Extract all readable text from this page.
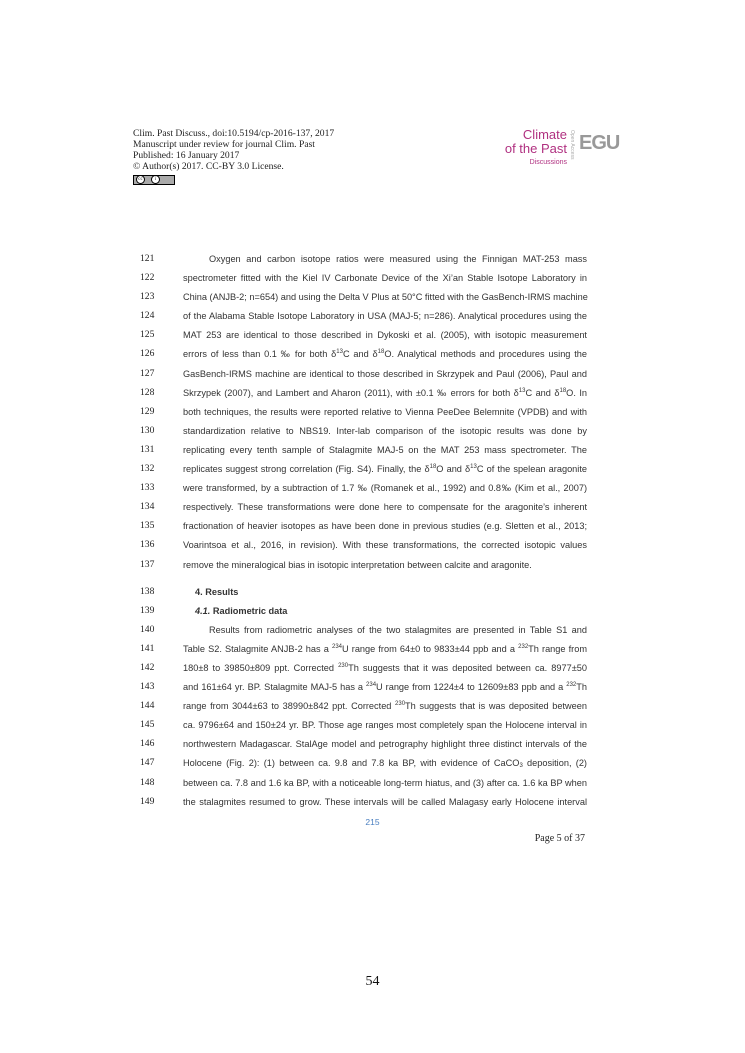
Clim. Past Discuss., doi:10.5194/cp-2016-137, 2017
Manuscript under review for journal Clim. Past
Published: 16 January 2017
© Author(s) 2017. CC-BY 3.0 License.
cc	i
Climate
of the Past
Discussions
Open Access EGU
121	Oxygen and carbon isotope ratios were measured using the Finnigan MAT-253 mass
122	spectrometer fitted with the Kiel IV Carbonate Device of the Xi’an Stable Isotope Laboratory in
123	China (ANJB-2; n=654) and using the Delta V Plus at 50°C fitted with the GasBench-IRMS machine
124	of the Alabama Stable Isotope Laboratory in USA (MAJ-5; n=286). Analytical procedures using the
125	MAT 253 are identical to those described in Dykoski et al. (2005), with isotopic measurement
126	errors of less than 0.1 ‰ for both $\delta^{13}C$ and $\delta^{18}O$. Analytical methods and procedures using the
127	GasBench-IRMS machine are identical to those described in Skrzypek and Paul (2006), Paul and
128	Skrzypek (2007), and Lambert and Aharon (2011), with ±0.1 ‰ errors for both $\delta^{13}C$ and $\delta^{18}O$. In
129	both techniques, the results were reported relative to Vienna PeeDee Belemnite (VPDB) and with
130	standardization relative to NBS19. Inter-lab comparison of the isotopic results was done by
131	replicating every tenth sample of Stalagmite MAJ-5 on the MAT 253 mass spectrometer. The
132	replicates suggest strong correlation (Fig. S4). Finally, the $\delta^{18}O$ and $\delta^{13}C$ of the spelean aragonite
133	were transformed, by a subtraction of 1.7 ‰ (Romanek et al., 1992) and 0.8‰ (Kim et al., 2007)
134	respectively. These transformations were done here to compensate for the aragonite’s inherent
135	fractionation of heavier isotopes as have been done in previous studies (e.g. Sletten et al., 2013;
136	Voarintsoa et al., 2016, in revision). With these transformations, the corrected isotopic values
137	remove the mineralogical bias in isotopic interpretation between calcite and aragonite.
138	4. Results
139	4.1. Radiometric data
140	Results from radiometric analyses of the two stalagmites are presented in Table S1 and
141	Table S2. Stalagmite ANJB-2 has a $^{234}$U range from 64±0 to 9833±44 ppb and a $^{232}$Th range from
142	180±8 to 39850±809 ppt. Corrected $^{230}$Th suggests that it was deposited between ca. 8977±50
143	and 161±64 yr. BP. Stalagmite MAJ-5 has a $^{234}$U range from 1224±4 to 12609±83 ppb and a $^{232}$Th
144	range from 3044±63 to 38990±842 ppt. Corrected $^{230}$Th suggests that is was deposited between
145	ca. 9796±64 and 150±24 yr. BP. Those age ranges most completely span the Holocene interval in
146	northwestern Madagascar. StalAge model and petrography highlight three distinct intervals of the
147	Holocene (Fig. 2): (1) between ca. 9.8 and 7.8 ka BP, with evidence of CaCO$_3$ deposition, (2)
148	between ca. 7.8 and 1.6 ka BP, with a noticeable long-term hiatus, and (3) after ca. 1.6 ka BP when
149	the stalagmites resumed to grow. These intervals will be called Malagasy early Holocene interval
215
Page 5 of 37
54
